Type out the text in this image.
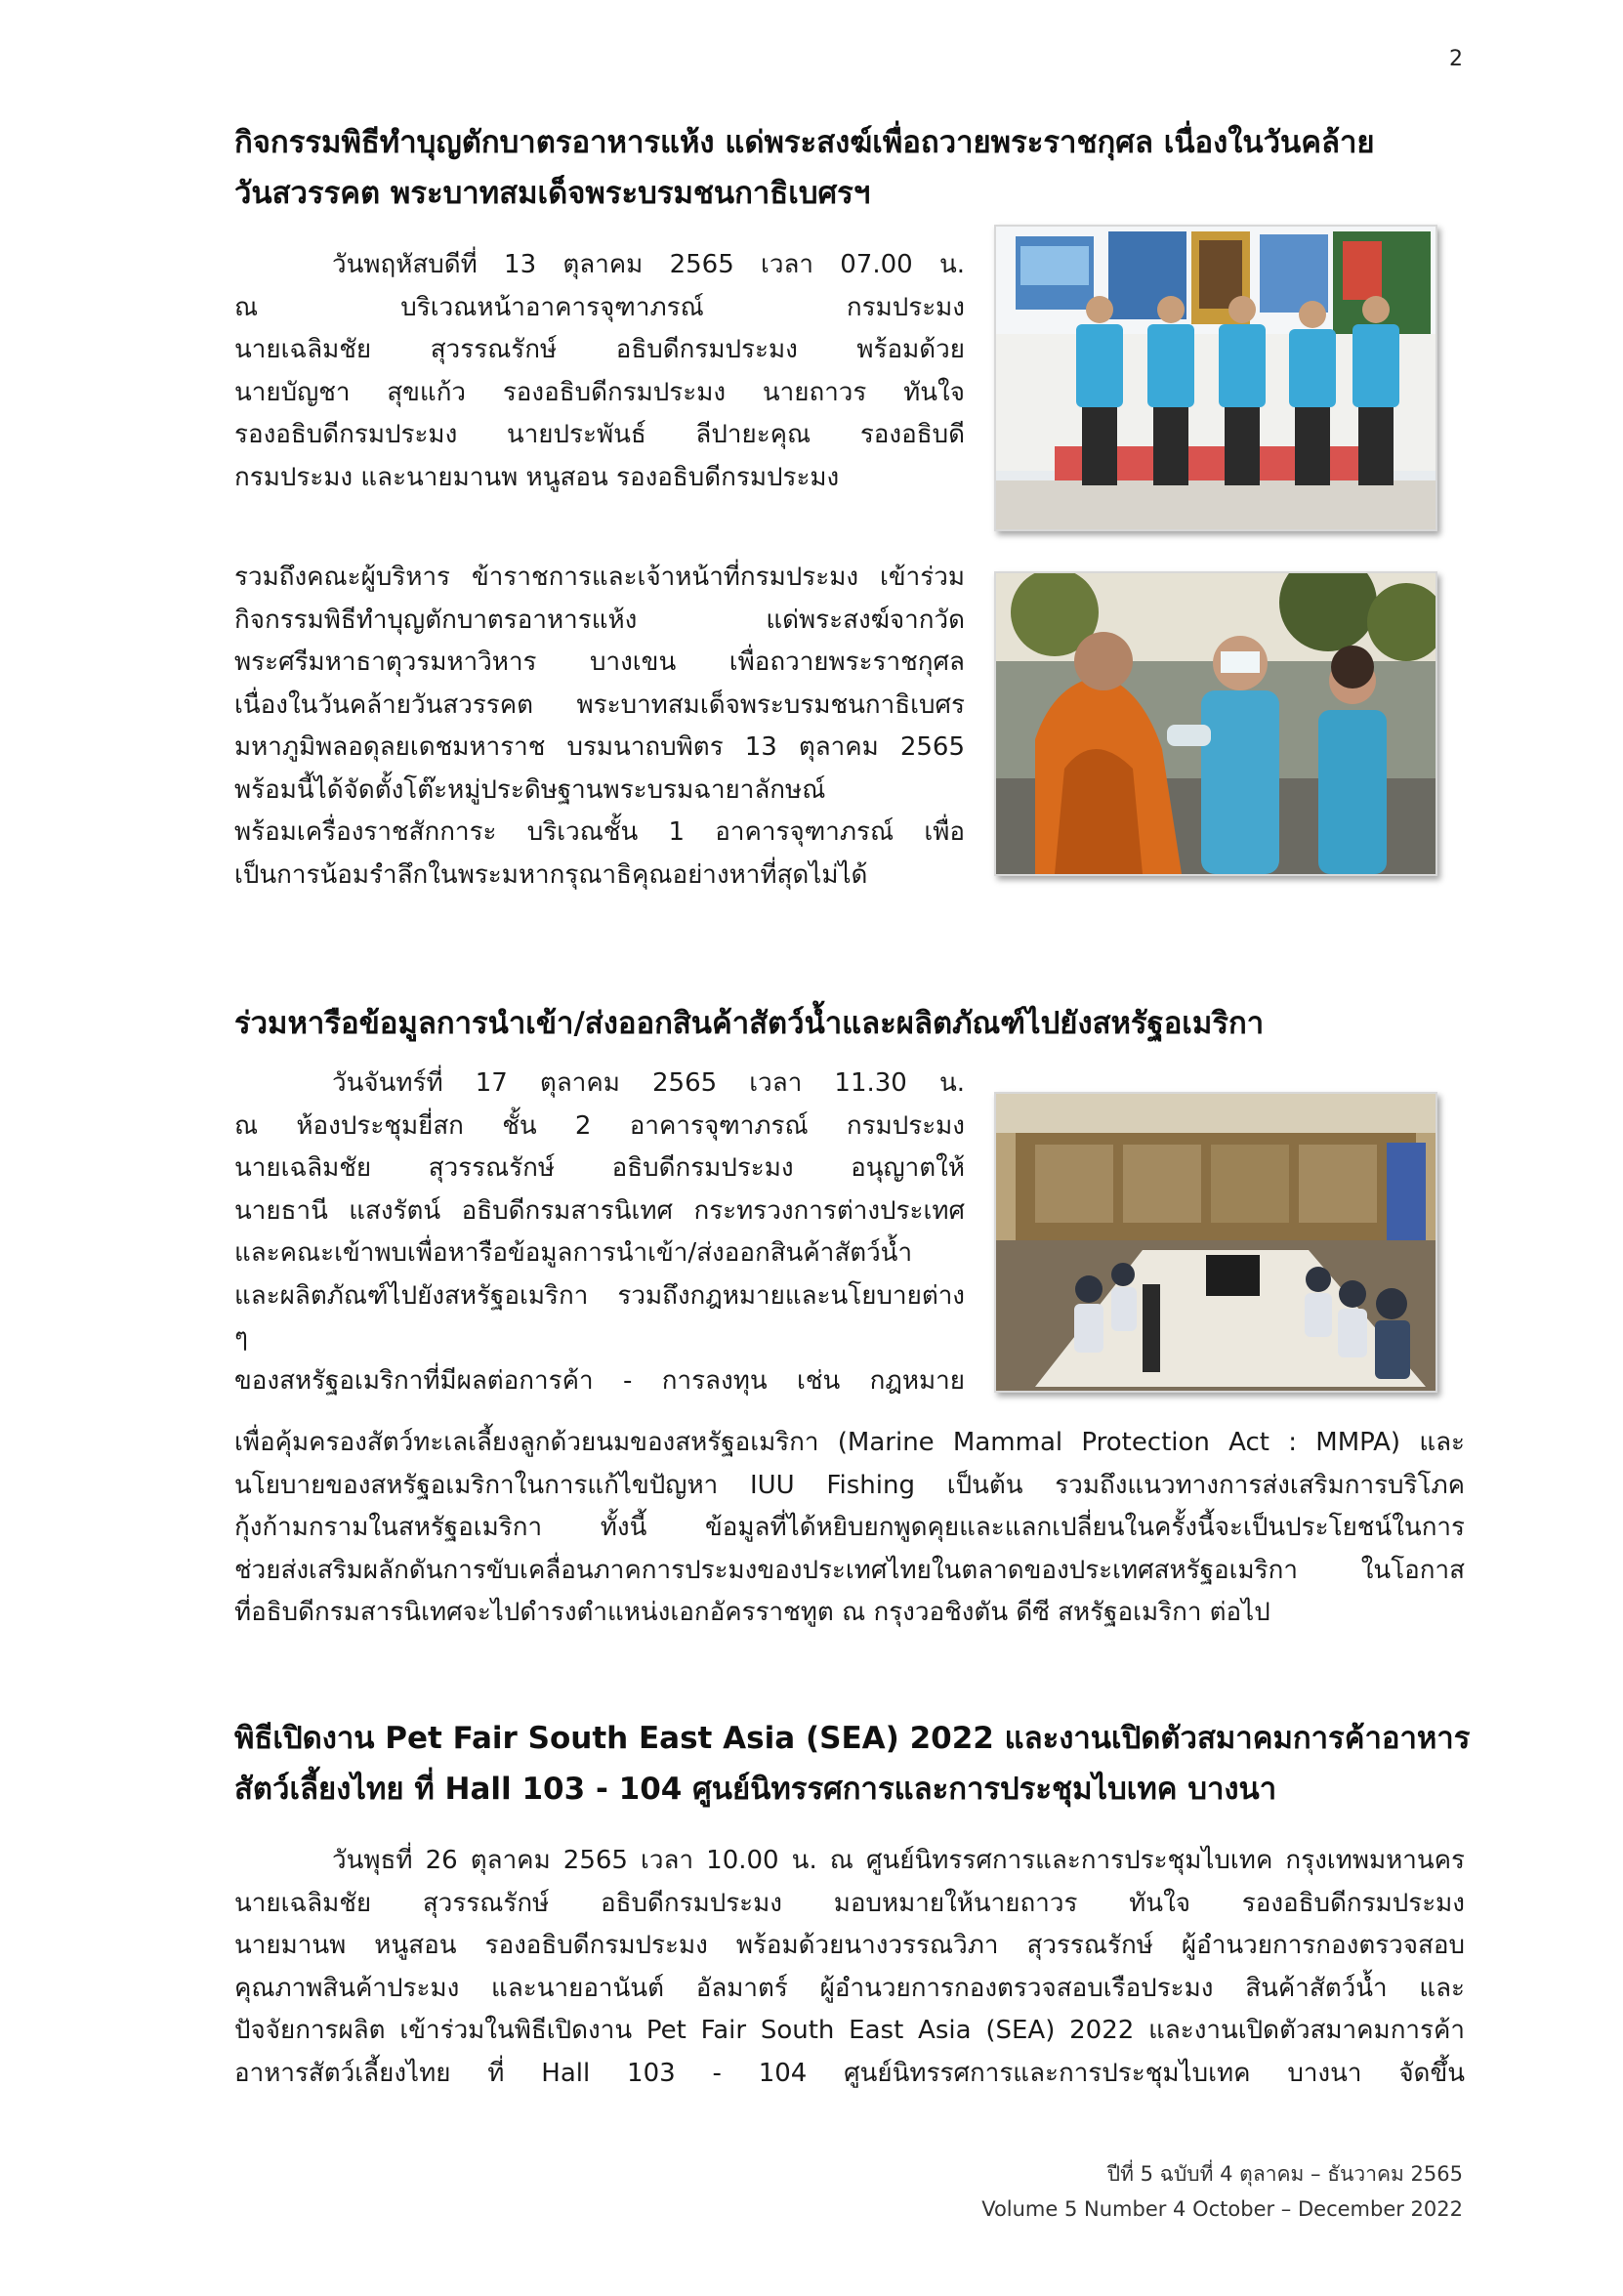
2
กิจกรรมพิธีทำบุญตักบาตรอาหารแห้ง แด่พระสงฆ์เพื่อถวายพระราชกุศล เนื่องในวันคล้าย
วันสวรรคต พระบาทสมเด็จพระบรมชนกาธิเบศรฯ
วันพฤหัสบดีที่ 13 ตุลาคม 2565 เวลา 07.00 น.
ณ บริเวณหน้าอาคารจุฑาภรณ์ กรมประมง
นายเฉลิมชัย สุวรรณรักษ์ อธิบดีกรมประมง พร้อมด้วย
นายบัญชา สุขแก้ว รองอธิบดีกรมประมง นายถาวร ทันใจ
รองอธิบดีกรมประมง นายประพันธ์ ลีปายะคุณ รองอธิบดี
กรมประมง และนายมานพ หนูสอน รองอธิบดีกรมประมง
รวมถึงคณะผู้บริหาร ข้าราชการและเจ้าหน้าที่กรมประมง เข้าร่วม
กิจกรรมพิธีทำบุญตักบาตรอาหารแห้ง แด่พระสงฆ์จากวัด
พระศรีมหาธาตุวรมหาวิหาร บางเขน เพื่อถวายพระราชกุศล
เนื่องในวันคล้ายวันสวรรคต พระบาทสมเด็จพระบรมชนกาธิเบศร
มหาภูมิพลอดุลยเดชมหาราช บรมนาถบพิตร 13 ตุลาคม 2565
พร้อมนี้ได้จัดตั้งโต๊ะหมู่ประดิษฐานพระบรมฉายาลักษณ์
พร้อมเครื่องราชสักการะ บริเวณชั้น 1 อาคารจุฑาภรณ์ เพื่อ
เป็นการน้อมรำลึกในพระมหากรุณาธิคุณอย่างหาที่สุดไม่ได้
ร่วมหารือข้อมูลการนำเข้า/ส่งออกสินค้าสัตว์น้ำและผลิตภัณฑ์ไปยังสหรัฐอเมริกา
วันจันทร์ที่ 17 ตุลาคม 2565 เวลา 11.30 น.
ณ ห้องประชุมยี่สก ชั้น 2 อาคารจุฑาภรณ์ กรมประมง
นายเฉลิมชัย สุวรรณรักษ์ อธิบดีกรมประมง อนุญาตให้
นายธานี แสงรัตน์ อธิบดีกรมสารนิเทศ กระทรวงการต่างประเทศ
และคณะเข้าพบเพื่อหารือข้อมูลการนำเข้า/ส่งออกสินค้าสัตว์น้ำ
และผลิตภัณฑ์ไปยังสหรัฐอเมริกา รวมถึงกฎหมายและนโยบายต่าง ๆ
ของสหรัฐอเมริกาที่มีผลต่อการค้า - การลงทุน เช่น กฎหมาย
เพื่อคุ้มครองสัตว์ทะเลเลี้ยงลูกด้วยนมของสหรัฐอเมริกา (Marine Mammal Protection Act : MMPA) และ
นโยบายของสหรัฐอเมริกาในการแก้ไขปัญหา IUU Fishing เป็นต้น รวมถึงแนวทางการส่งเสริมการบริโภค
กุ้งก้ามกรามในสหรัฐอเมริกา ทั้งนี้ ข้อมูลที่ได้หยิบยกพูดคุยและแลกเปลี่ยนในครั้งนี้จะเป็นประโยชน์ในการ
ช่วยส่งเสริมผลักดันการขับเคลื่อนภาคการประมงของประเทศไทยในตลาดของประเทศสหรัฐอเมริกา ในโอกาส
ที่อธิบดีกรมสารนิเทศจะไปดำรงตำแหน่งเอกอัครราชทูต ณ กรุงวอชิงตัน ดีซี สหรัฐอเมริกา ต่อไป
พิธีเปิดงาน Pet Fair South East Asia (SEA) 2022 และงานเปิดตัวสมาคมการค้าอาหาร
สัตว์เลี้ยงไทย ที่ Hall 103 - 104 ศูนย์นิทรรศการและการประชุมไบเทค บางนา
วันพุธที่ 26 ตุลาคม 2565 เวลา 10.00 น. ณ ศูนย์นิทรรศการและการประชุมไบเทค กรุงเทพมหานคร
นายเฉลิมชัย สุวรรณรักษ์ อธิบดีกรมประมง มอบหมายให้นายถาวร ทันใจ รองอธิบดีกรมประมง
นายมานพ หนูสอน รองอธิบดีกรมประมง พร้อมด้วยนางวรรณวิภา สุวรรณรักษ์ ผู้อำนวยการกองตรวจสอบ
คุณภาพสินค้าประมง และนายอานันต์ อัลมาตร์ ผู้อำนวยการกองตรวจสอบเรือประมง สินค้าสัตว์น้ำ และ
ปัจจัยการผลิต เข้าร่วมในพิธีเปิดงาน Pet Fair South East Asia (SEA) 2022 และงานเปิดตัวสมาคมการค้า
อาหารสัตว์เลี้ยงไทย ที่ Hall 103 - 104 ศูนย์นิทรรศการและการประชุมไบเทค บางนา จัดขึ้น
ปีที่ 5 ฉบับที่ 4 ตุลาคม – ธันวาคม 2565
Volume 5 Number 4 October – December 2022
